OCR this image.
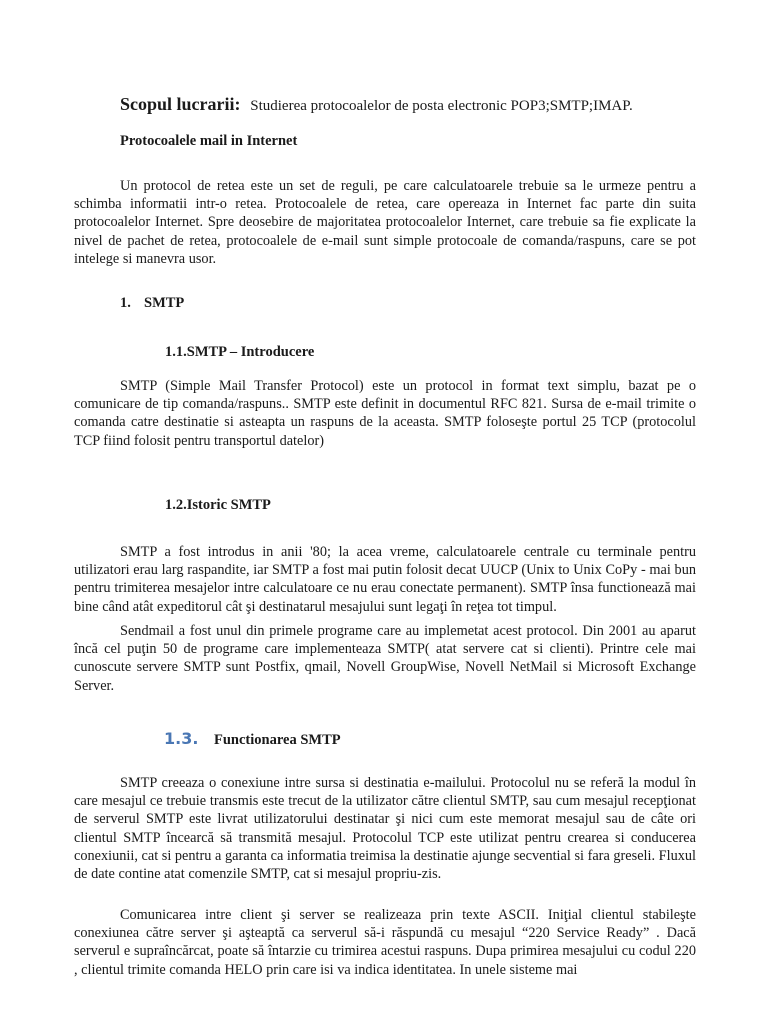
Scopul lucrarii: Studierea protocoalelor de posta electronic POP3;SMTP;IMAP.
Protocoalele mail in Internet
Un protocol de retea este un set de reguli, pe care calculatoarele trebuie sa le urmeze pentru a schimba informatii intr-o retea. Protocoalele de retea, care opereaza in Internet fac parte din suita protocoalelor Internet. Spre deosebire de majoritatea protocoalelor Internet, care trebuie sa fie explicate la nivel de pachet de retea, protocoalele de e-mail sunt simple protocoale de comanda/raspuns, care se pot intelege si manevra usor.
1. SMTP
1.1.SMTP – Introducere
SMTP (Simple Mail Transfer Protocol) este un protocol in format text simplu, bazat pe o comunicare de tip comanda/raspuns.. SMTP este definit in documentul RFC 821. Sursa de e-mail trimite o comanda catre destinatie si asteapta un raspuns de la aceasta. SMTP foloseşte portul 25 TCP (protocolul TCP fiind folosit pentru transportul datelor)
1.2.Istoric SMTP
SMTP a fost introdus in anii '80; la acea vreme, calculatoarele centrale cu terminale pentru utilizatori erau larg raspandite, iar SMTP a fost mai putin folosit decat UUCP (Unix to Unix CoPy - mai bun pentru trimiterea mesajelor intre calculatoare ce nu erau conectate permanent). SMTP însa functionează mai bine când atât expeditorul cât şi destinatarul mesajului sunt legaţi în reţea tot timpul.
Sendmail a fost unul din primele programe care au implemetat acest protocol. Din 2001 au aparut încă cel puţin 50 de programe care implementeaza SMTP( atat servere cat si clienti). Printre cele mai cunoscute servere SMTP sunt Postfix, qmail, Novell GroupWise, Novell NetMail si Microsoft Exchange Server.
1.3. Functionarea SMTP
SMTP creeaza o conexiune intre sursa si destinatia e-mailului. Protocolul nu se referă la modul în care mesajul ce trebuie transmis este trecut de la utilizator către clientul SMTP, sau cum mesajul recepţionat de serverul SMTP este livrat utilizatorului destinatar şi nici cum este memorat mesajul sau de câte ori clientul SMTP încearcă să transmită mesajul. Protocolul TCP este utilizat pentru crearea si conducerea conexiunii, cat si pentru a garanta ca informatia treimisa la destinatie ajunge secvential si fara greseli. Fluxul de date contine atat comenzile SMTP, cat si mesajul propriu-zis.
Comunicarea intre client şi server se realizeaza prin texte ASCII. Iniţial clientul stabileşte conexiunea către server şi aşteaptă ca serverul să-i răspundă cu mesajul “220 Service Ready” . Dacă serverul e supraîncărcat, poate să întarzie cu trimirea acestui raspuns. Dupa primirea mesajului cu codul 220 , clientul trimite comanda HELO prin care isi va indica identitatea. In unele sisteme mai
